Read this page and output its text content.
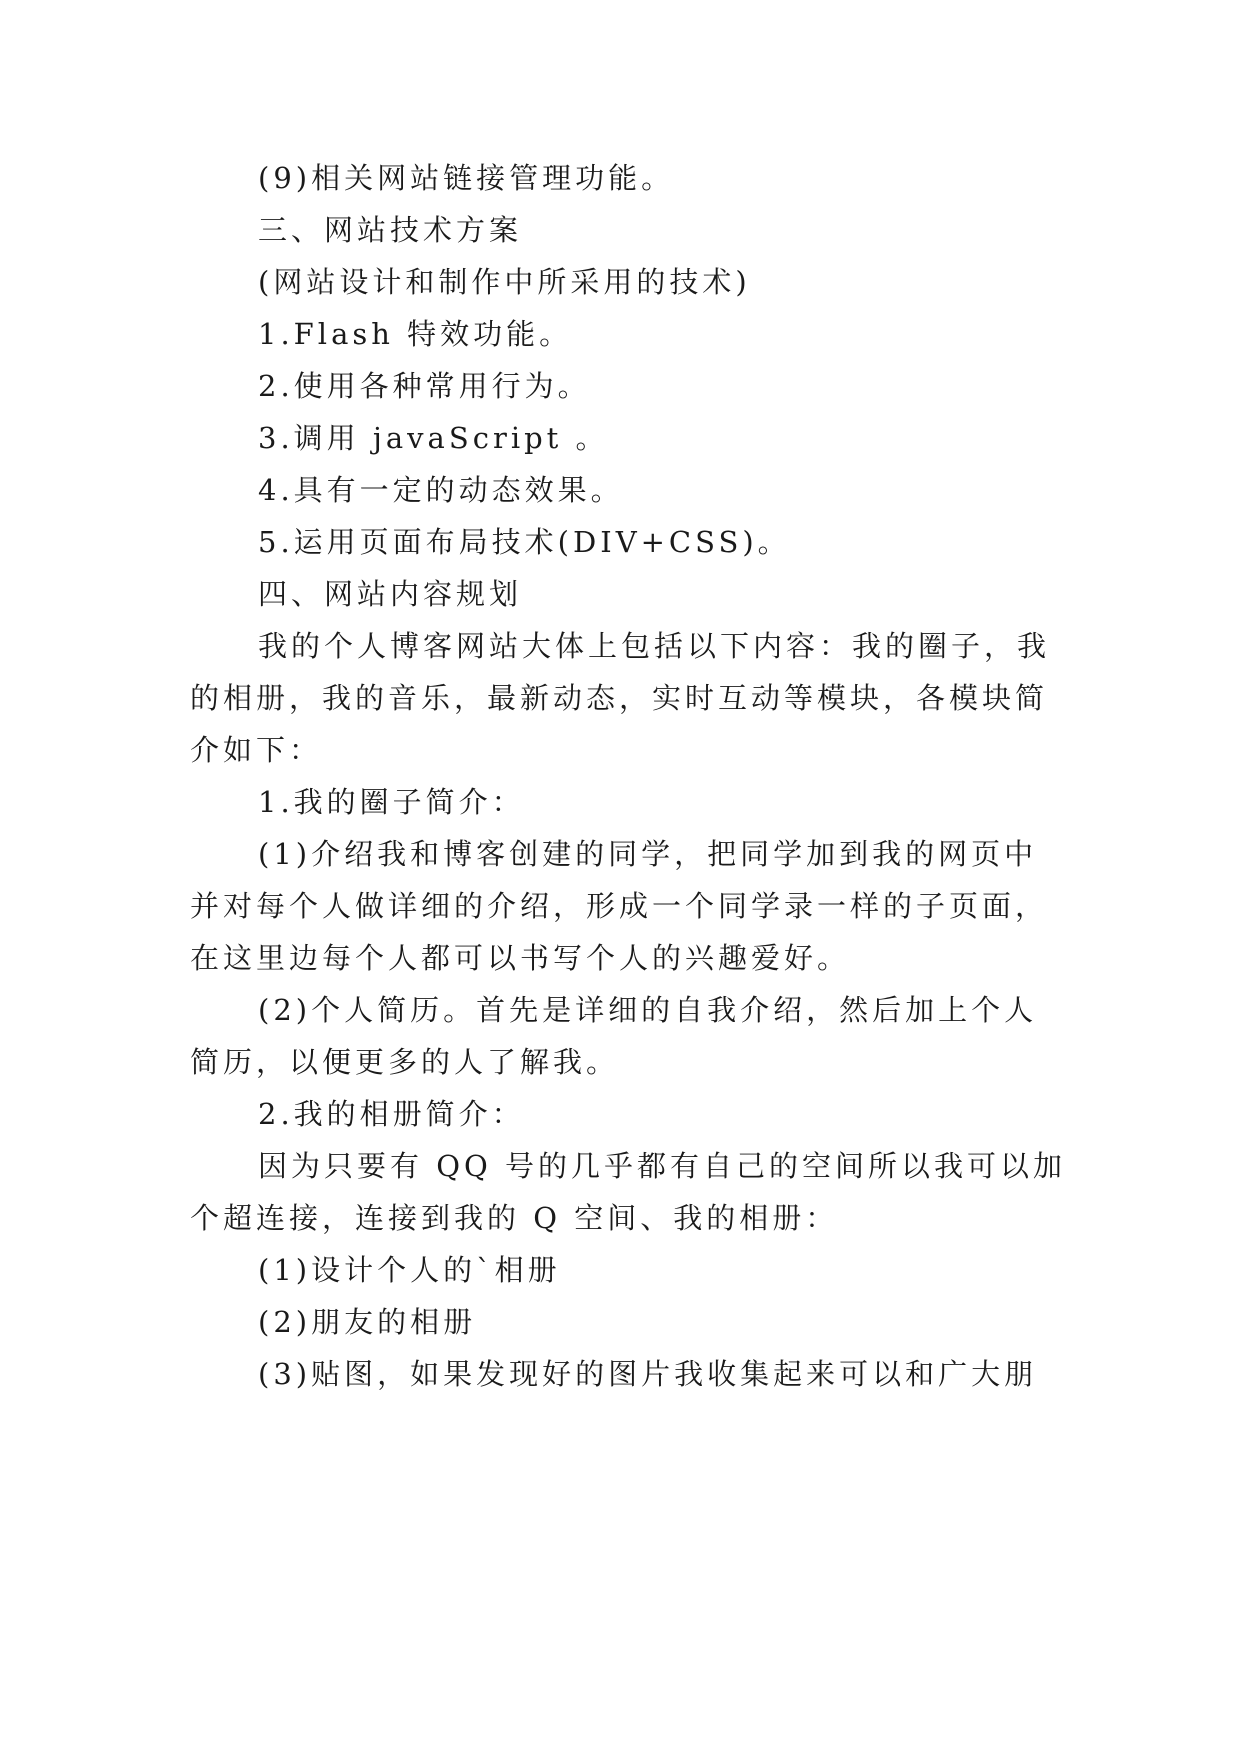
(9)相关网站链接管理功能。
三、网站技术方案
(网站设计和制作中所采用的技术)
1.Flash 特效功能。
2.使用各种常用行为。
3.调用 javaScript 。
4.具有一定的动态效果。
5.运用页面布局技术(DIV+CSS)。
四、网站内容规划
我的个人博客网站大体上包括以下内容：我的圈子，我
的相册，我的音乐，最新动态，实时互动等模块，各模块简
介如下：
1.我的圈子简介：
(1)介绍我和博客创建的同学，把同学加到我的网页中
并对每个人做详细的介绍，形成一个同学录一样的子页面，
在这里边每个人都可以书写个人的兴趣爱好。
(2)个人简历。首先是详细的自我介绍，然后加上个人
简历，以便更多的人了解我。
2.我的相册简介：
因为只要有 QQ 号的几乎都有自己的空间所以我可以加
个超连接，连接到我的 Q 空间、我的相册：
(1)设计个人的`相册
(2)朋友的相册
(3)贴图，如果发现好的图片我收集起来可以和广大朋
